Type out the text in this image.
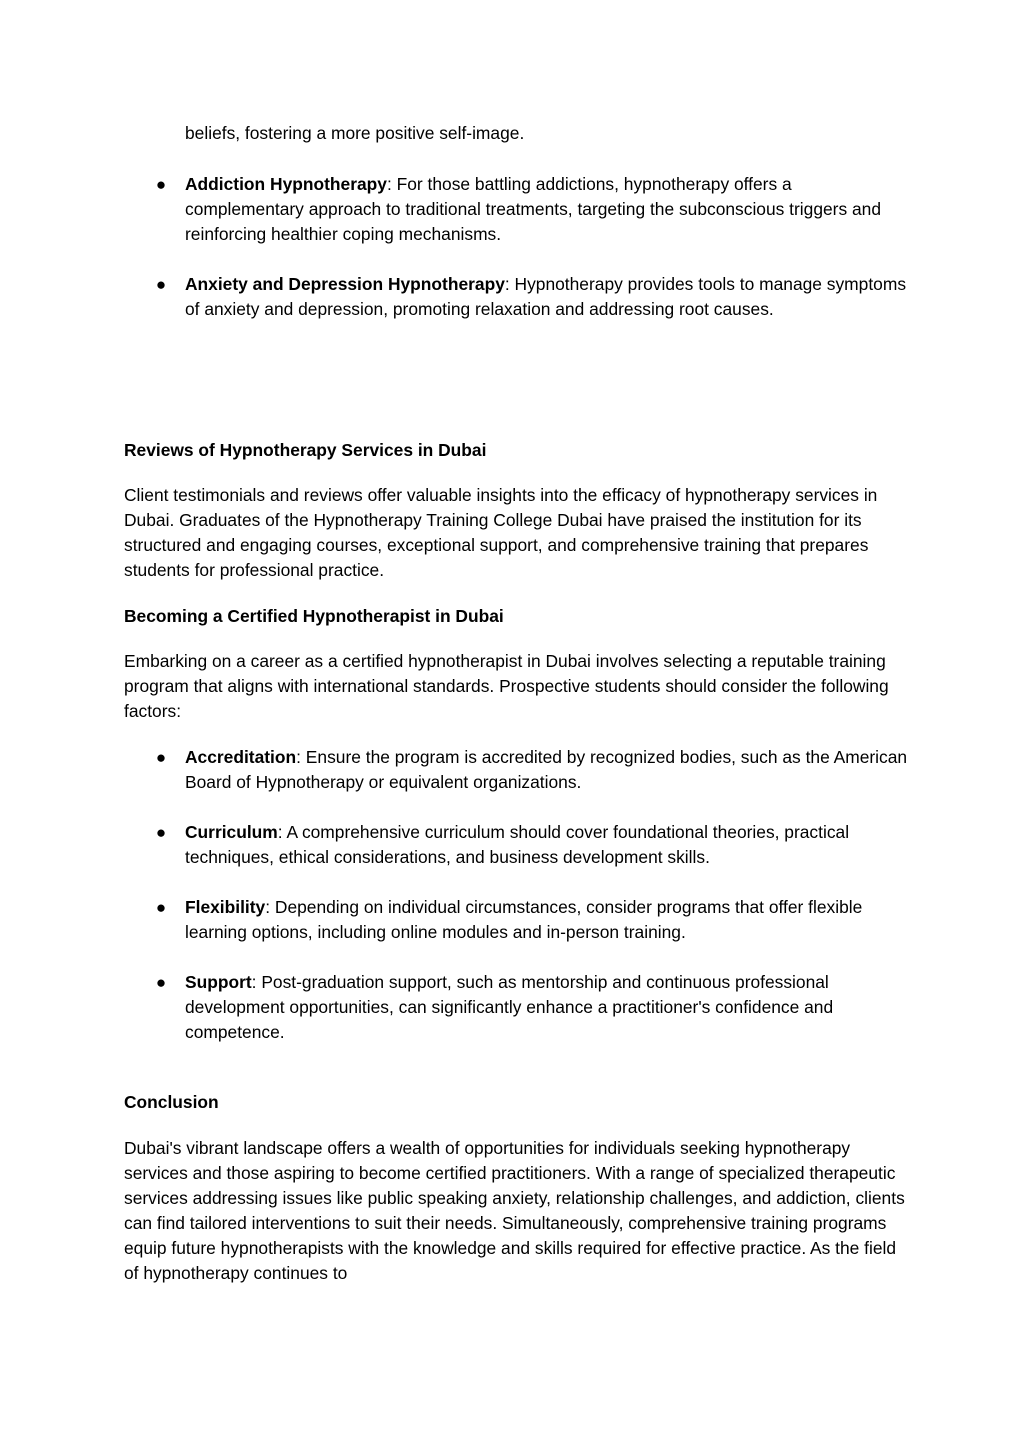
beliefs, fostering a more positive self-image.

● Addiction Hypnotherapy: For those battling addictions, hypnotherapy offers a complementary approach to traditional treatments, targeting the subconscious triggers and reinforcing healthier coping mechanisms.
● Anxiety and Depression Hypnotherapy: Hypnotherapy provides tools to manage symptoms of anxiety and depression, promoting relaxation and addressing root causes.
Reviews of Hypnotherapy Services in Dubai

Client testimonials and reviews offer valuable insights into the efficacy of hypnotherapy services in Dubai. Graduates of the Hypnotherapy Training College Dubai have praised the institution for its structured and engaging courses, exceptional support, and comprehensive training that prepares students for professional practice.

Becoming a Certified Hypnotherapist in Dubai

Embarking on a career as a certified hypnotherapist in Dubai involves selecting a reputable training program that aligns with international standards. Prospective students should consider the following factors:

● Accreditation: Ensure the program is accredited by recognized bodies, such as the American Board of Hypnotherapy or equivalent organizations.
● Curriculum: A comprehensive curriculum should cover foundational theories, practical techniques, ethical considerations, and business development skills.
● Flexibility: Depending on individual circumstances, consider programs that offer flexible learning options, including online modules and in-person training.
● Support: Post-graduation support, such as mentorship and continuous professional development opportunities, can significantly enhance a practitioner's confidence and competence.
Conclusion

Dubai's vibrant landscape offers a wealth of opportunities for individuals seeking hypnotherapy services and those aspiring to become certified practitioners. With a range of specialized therapeutic services addressing issues like public speaking anxiety, relationship challenges, and addiction, clients can find tailored interventions to suit their needs. Simultaneously, comprehensive training programs equip future hypnotherapists with the knowledge and skills required for effective practice. As the field of hypnotherapy continues to
